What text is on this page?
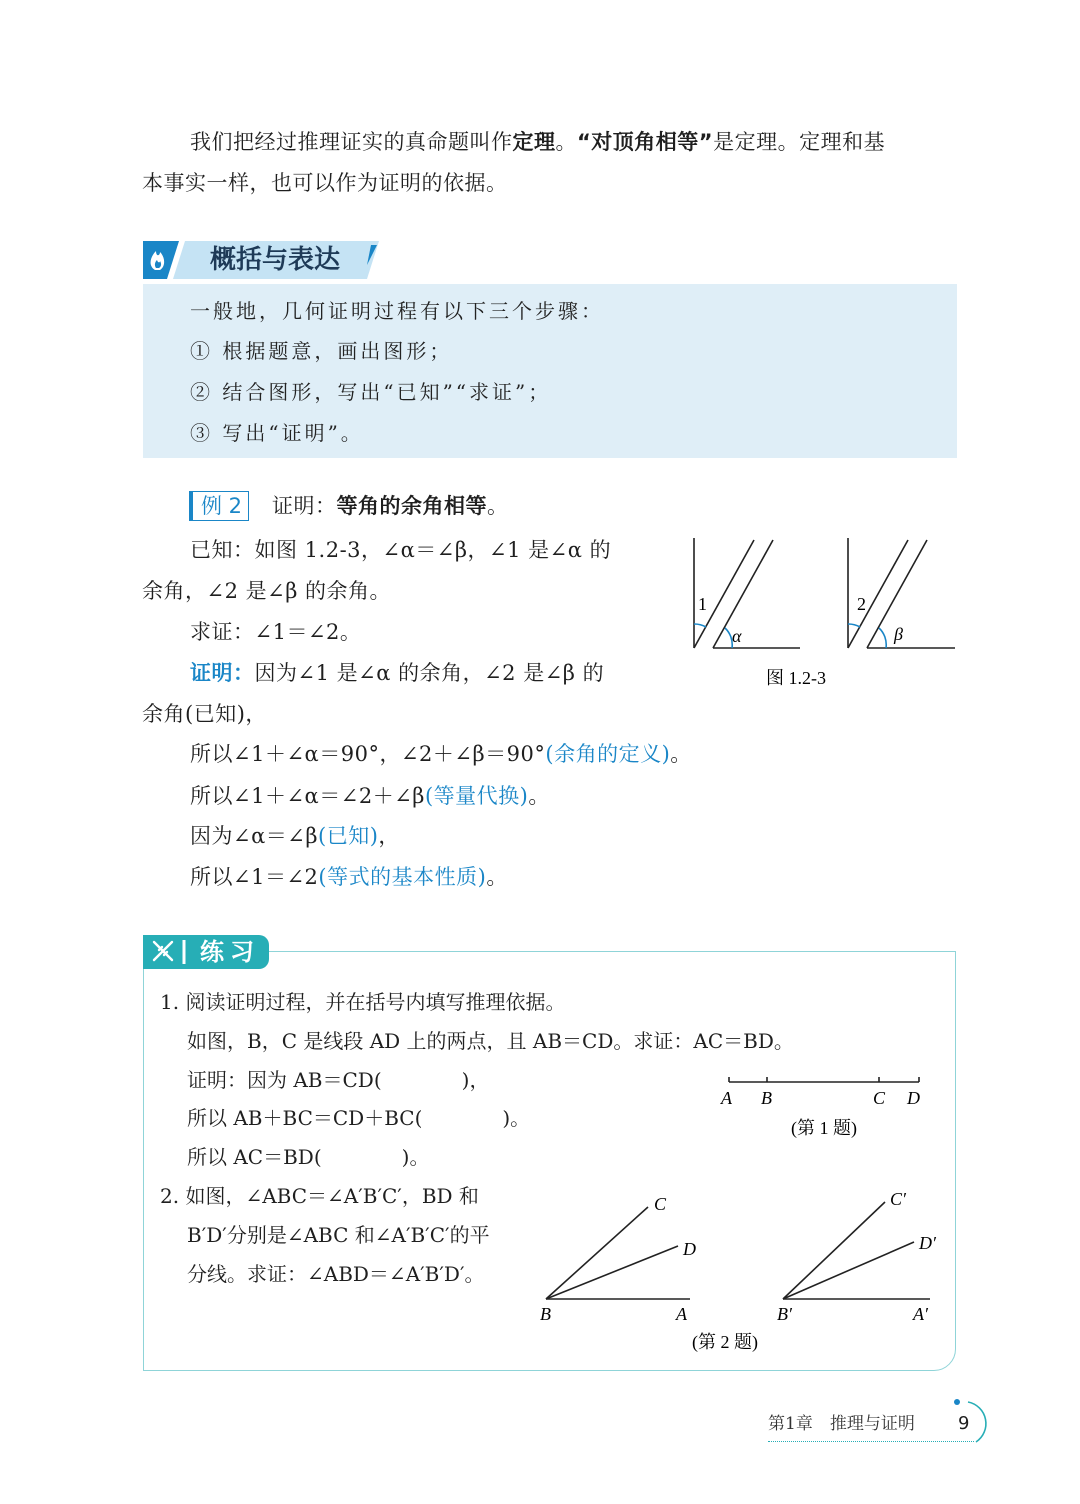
我们把经过推理证实的真命题叫作定理。“对顶角相等”是定理。定理和基
本事实一样，也可以作为证明的依据。
概括与表达
一般地，几何证明过程有以下三个步骤：
① 根据题意，画出图形；
② 结合图形，写出“已知”“求证”；
③ 写出“证明”。
例 2	证明：等角的余角相等。
已知：如图 1.2-3，∠α＝∠β，∠1 是∠α 的
余角，∠2 是∠β 的余角。
求证：∠1＝∠2。
证明：因为∠1 是∠α 的余角，∠2 是∠β 的
余角(已知)，
所以∠1＋∠α＝90°，∠2＋∠β＝90°(余角的定义)。
所以∠1＋∠α＝∠2＋∠β(等量代换)。
因为∠α＝∠β(已知)，
所以∠1＝∠2(等式的基本性质)。
1
α
2
β
图 1.2-3
练习
1. 阅读证明过程，并在括号内填写推理依据。
如图，B，C 是线段 AD 上的两点，且 AB＝CD。求证：AC＝BD。
证明：因为 AB＝CD(　　　　)，
所以 AB＋BC＝CD＋BC(　　　　)。
所以 AC＝BD(　　　　)。
A B	C D
(第 1 题)
2. 如图，∠ABC＝∠A′B′C′，BD 和
B′D′分别是∠ABC 和∠A′B′C′的平
分线。求证：∠ABD＝∠A′B′D′。
C
D
B	A
C′
D′
B′	A′
(第 2 题)
第1章　推理与证明 9
